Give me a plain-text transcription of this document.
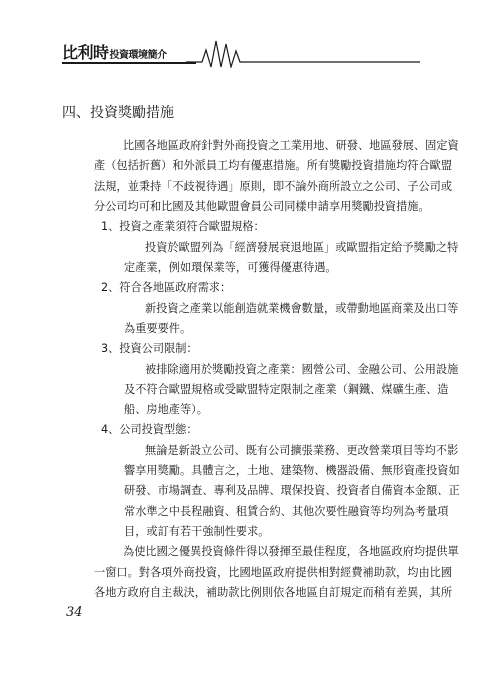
比利時投資環境簡介
四、投資獎勵措施
比國各地區政府針對外商投資之工業用地、研發、地區發展、固定資
產（包括折舊）和外派員工均有優惠措施。所有獎勵投資措施均符合歐盟
法規，並秉持「不歧視待遇」原則，即不論外商所設立之公司、子公司或
分公司均可和比國及其他歐盟會員公司同樣申請享用獎勵投資措施。
1、投資之產業須符合歐盟規格：
投資於歐盟列為「經濟發展衰退地區」或歐盟指定給予獎勵之特
定產業，例如環保業等，可獲得優惠待遇。
2、符合各地區政府需求：
新投資之產業以能創造就業機會數量，或帶動地區商業及出口等
為重要要件。
3、投資公司限制：
被排除適用於獎勵投資之產業：國營公司、金融公司、公用設施
及不符合歐盟規格或受歐盟特定限制之產業（鋼鐵、煤礦生產、造
船、房地產等）。
4、公司投資型態：
無論是新設立公司、既有公司擴張業務、更改營業項目等均不影
響享用獎勵。具體言之，土地、建築物、機器設備、無形資產投資如
研發、市場調查、專利及品牌、環保投資、投資者自備資本金額、正
常水準之中長程融資、租賃合約、其他次要性融資等均列為考量項
目，或訂有若干強制性要求。
為使比國之優異投資條件得以發揮至最佳程度，各地區政府均提供單
一窗口。對各項外商投資，比國地區政府提供相對經費補助款，均由比國
各地方政府自主裁決，補助款比例則依各地區自訂規定而稍有差異，其所
34
